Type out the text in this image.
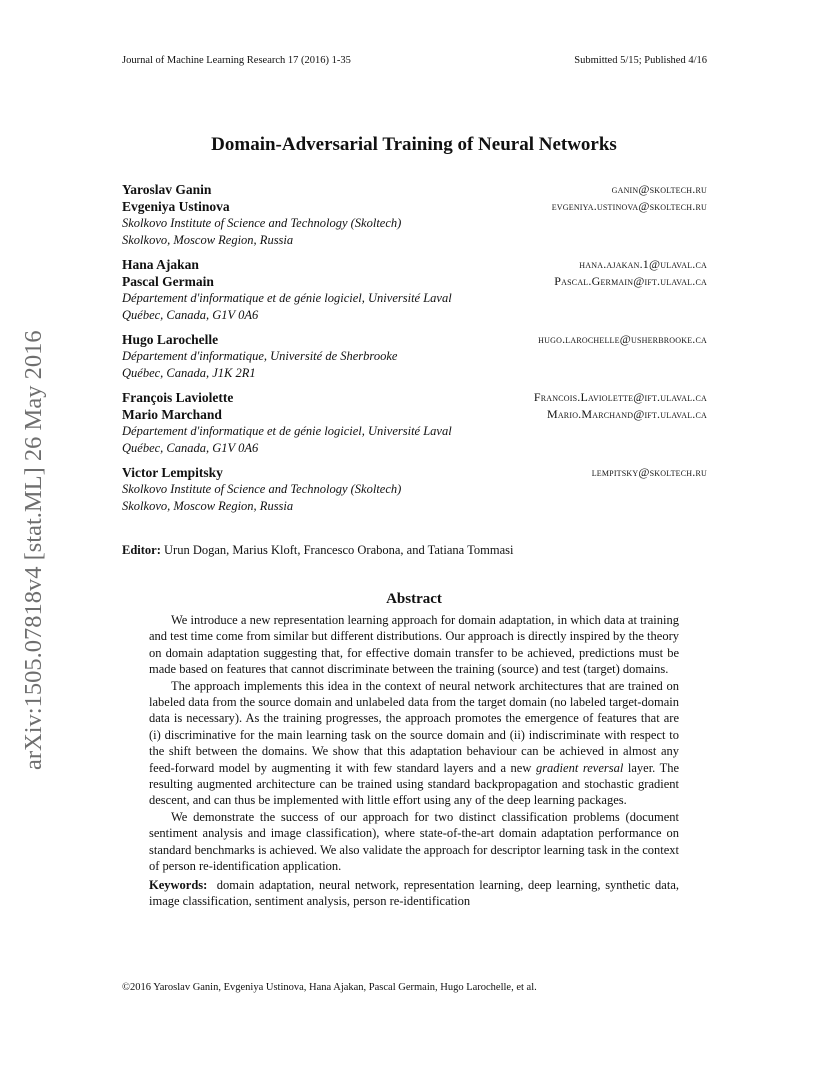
Journal of Machine Learning Research 17 (2016) 1-35	Submitted 5/15; Published 4/16
Domain-Adversarial Training of Neural Networks
Yaroslav Ganin	ganin@skoltech.ru
Evgeniya Ustinova	evgeniya.ustinova@skoltech.ru
Skolkovo Institute of Science and Technology (Skoltech)
Skolkovo, Moscow Region, Russia
Hana Ajakan	hana.ajakan.1@ulaval.ca
Pascal Germain	Pascal.Germain@ift.ulaval.ca
Département d'informatique et de génie logiciel, Université Laval
Québec, Canada, G1V 0A6
Hugo Larochelle	hugo.larochelle@usherbrooke.ca
Département d'informatique, Université de Sherbrooke
Québec, Canada, J1K 2R1
François Laviolette	Francois.Laviolette@ift.ulaval.ca
Mario Marchand	Mario.Marchand@ift.ulaval.ca
Département d'informatique et de génie logiciel, Université Laval
Québec, Canada, G1V 0A6
Victor Lempitsky	lempitsky@skoltech.ru
Skolkovo Institute of Science and Technology (Skoltech)
Skolkovo, Moscow Region, Russia
Editor: Urun Dogan, Marius Kloft, Francesco Orabona, and Tatiana Tommasi
Abstract

We introduce a new representation learning approach for domain adaptation, in which data at training and test time come from similar but different distributions. Our approach is directly inspired by the theory on domain adaptation suggesting that, for effective domain transfer to be achieved, predictions must be made based on features that cannot discriminate between the training (source) and test (target) domains.

The approach implements this idea in the context of neural network architectures that are trained on labeled data from the source domain and unlabeled data from the target domain (no labeled target-domain data is necessary). As the training progresses, the approach promotes the emergence of features that are (i) discriminative for the main learning task on the source domain and (ii) indiscriminate with respect to the shift between the domains. We show that this adaptation behaviour can be achieved in almost any feed-forward model by augmenting it with few standard layers and a new gradient reversal layer. The resulting augmented architecture can be trained using standard backpropagation and stochastic gradient descent, and can thus be implemented with little effort using any of the deep learning packages.

We demonstrate the success of our approach for two distinct classification problems (document sentiment analysis and image classification), where state-of-the-art domain adaptation performance on standard benchmarks is achieved. We also validate the approach for descriptor learning task in the context of person re-identification application.

Keywords: domain adaptation, neural network, representation learning, deep learning, synthetic data, image classification, sentiment analysis, person re-identification
©2016 Yaroslav Ganin, Evgeniya Ustinova, Hana Ajakan, Pascal Germain, Hugo Larochelle, et al.
arXiv:1505.07818v4 [stat.ML] 26 May 2016
